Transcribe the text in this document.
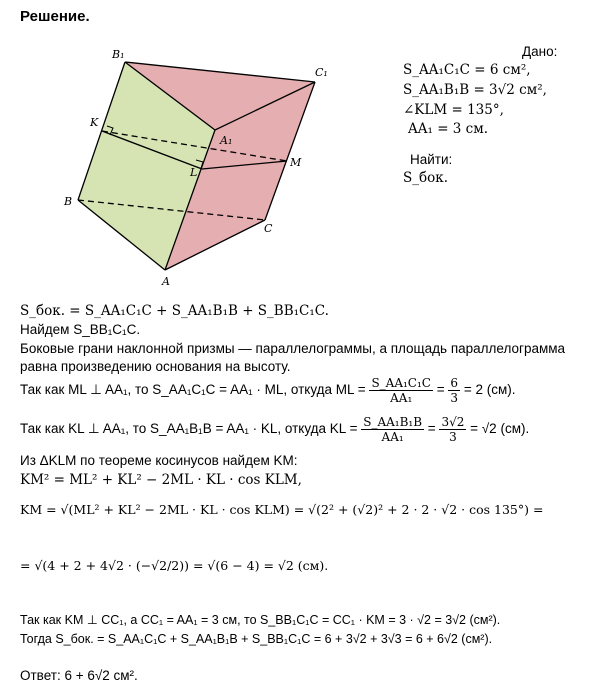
Решение.
B₁
C₁
K
A₁
L
M
B
C
A
Дано:
S_AA₁C₁C = 6 см²,
S_AA₁B₁B = 3√2 см²,
∠KLM = 135°,
AA₁ = 3 см.
Найти:
S_бок.
S_бок. = S_AA₁C₁C + S_AA₁B₁B + S_BB₁C₁C.
Найдем S_BB₁C₁C.
Боковые грани наклонной призмы — параллелограммы, а площадь параллелограмма
равна произведению основания на высоту.
Так как ML ⊥ AA₁, то S_AA₁C₁C = AA₁ · ML, откуда ML = $\frac{\text{S\_AA₁C₁C}}{\text{AA₁}} = \frac{6}{3} = 2$ (см).
Так как KL ⊥ AA₁, то S_AA₁B₁B = AA₁ · KL, откуда KL = $\frac{\text{S\_AA₁B₁B}}{\text{AA₁}} = \frac{3√2}{3} = √2$ (см).
Из ΔKLM по теореме косинусов найдем KM:
KM² = ML² + KL² − 2ML · KL · cos KLM,
KM = √(ML² + KL² − 2ML · KL · cos KLM) = √(2² + (√2)² + 2 · 2 · √2 · cos 135°) =
= √(4 + 2 + 4√2 · (−√2/2)) = √(6 − 4) = √2 (см).
Так как KM ⊥ CC₁, а CC₁ = AA₁ = 3 см, то S_BB₁C₁C = CC₁ · KM = 3 · √2 = 3√2 (см²).
Тогда S_бок. = S_AA₁C₁C + S_AA₁B₁B + S_BB₁C₁C = 6 + 3√2 + 3√3 = 6 + 6√2 (см²).
Ответ: 6 + 6√2 см².
